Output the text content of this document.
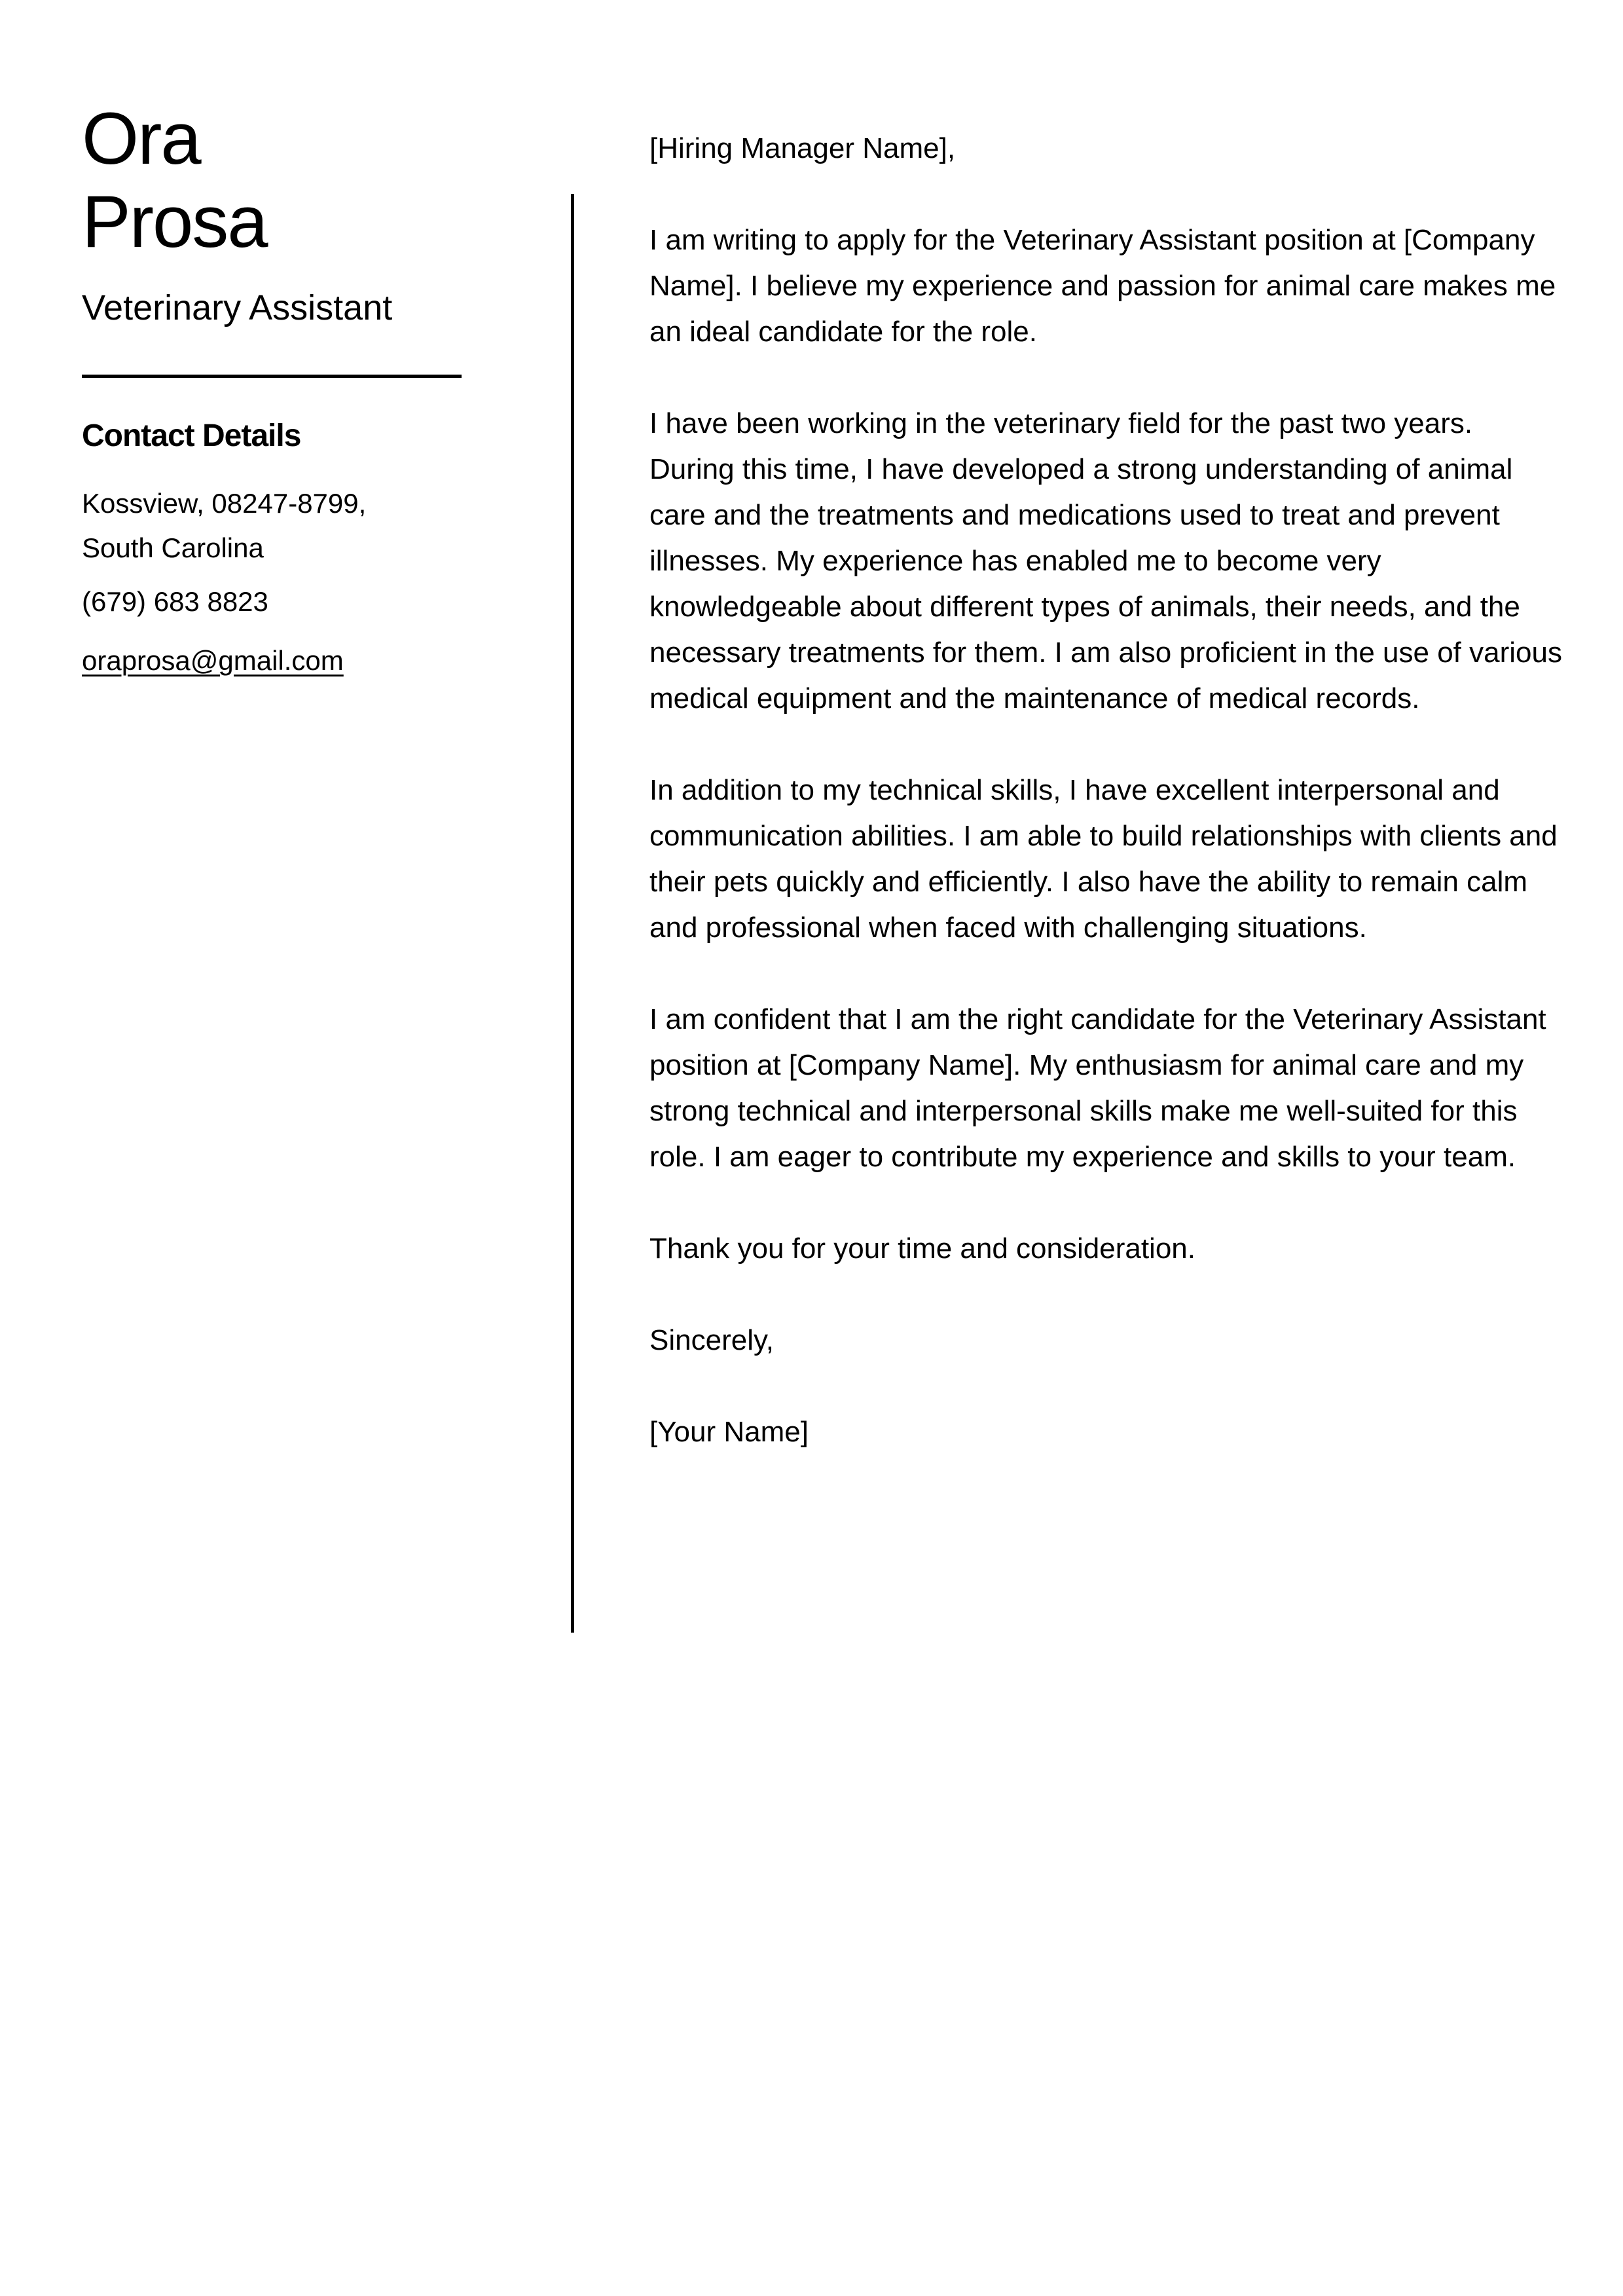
Ora
Prosa
Veterinary Assistant
Contact Details

Kossview, 08247-8799,
South Carolina

(679) 683 8823

oraprosa@gmail.com

[Hiring Manager Name],

I am writing to apply for the Veterinary Assistant position at [Company Name]. I believe my experience and passion for animal care makes me an ideal candidate for the role.

I have been working in the veterinary field for the past two years. During this time, I have developed a strong understanding of animal care and the treatments and medications used to treat and prevent illnesses. My experience has enabled me to become very knowledgeable about different types of animals, their needs, and the necessary treatments for them. I am also proficient in the use of various medical equipment and the maintenance of medical records.

In addition to my technical skills, I have excellent interpersonal and communication abilities. I am able to build relationships with clients and their pets quickly and efficiently. I also have the ability to remain calm and professional when faced with challenging situations.

I am confident that I am the right candidate for the Veterinary Assistant position at [Company Name]. My enthusiasm for animal care and my strong technical and interpersonal skills make me well-suited for this role. I am eager to contribute my experience and skills to your team.

Thank you for your time and consideration.

Sincerely,

[Your Name]
